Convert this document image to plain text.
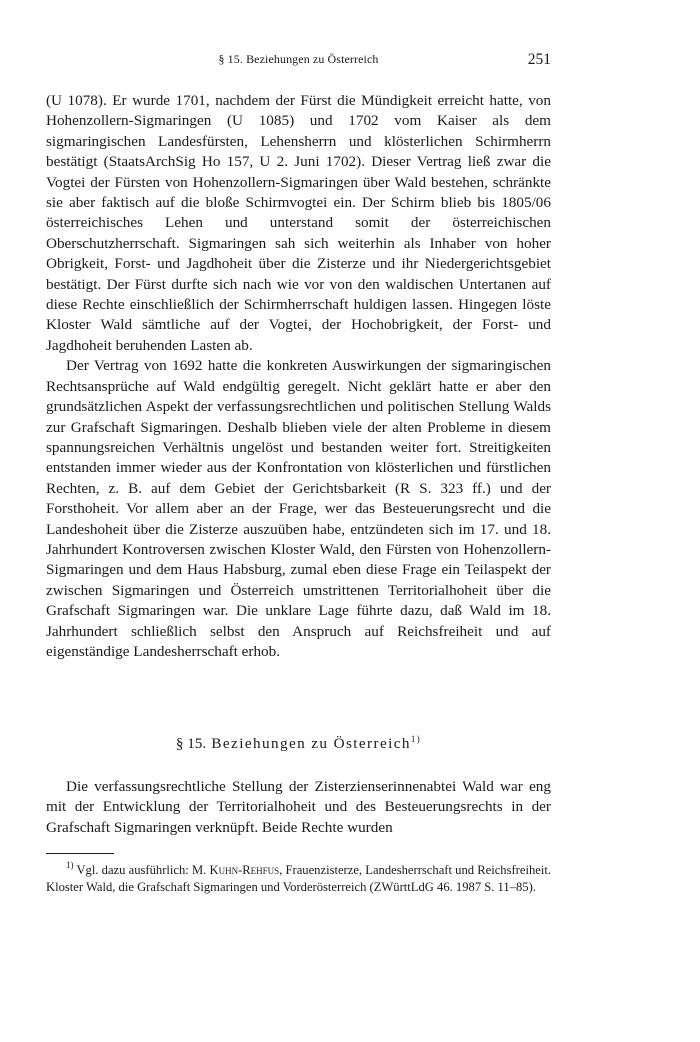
§ 15. Beziehungen zu Österreich	251

(U 1078). Er wurde 1701, nachdem der Fürst die Mündigkeit erreicht hatte, von Hohenzollern-Sigmaringen (U 1085) und 1702 vom Kaiser als dem sigmaringischen Landesfürsten, Lehensherrn und klösterlichen Schirmherrn bestätigt (StaatsArchSig Ho 157, U 2. Juni 1702). Dieser Vertrag ließ zwar die Vogtei der Fürsten von Hohenzollern-Sigmaringen über Wald bestehen, schränkte sie aber faktisch auf die bloße Schirmvogtei ein. Der Schirm blieb bis 1805/06 österreichisches Lehen und unterstand somit der österreichischen Oberschutzherrschaft. Sigmaringen sah sich weiterhin als Inhaber von hoher Obrigkeit, Forst- und Jagdhoheit über die Zisterze und ihr Niedergerichtsgebiet bestätigt. Der Fürst durfte sich nach wie vor von den waldischen Untertanen auf diese Rechte einschließlich der Schirmherrschaft huldigen lassen. Hingegen löste Kloster Wald sämtliche auf der Vogtei, der Hochobrigkeit, der Forst- und Jagdhoheit beruhenden Lasten ab.

Der Vertrag von 1692 hatte die konkreten Auswirkungen der sigmaringischen Rechtsansprüche auf Wald endgültig geregelt. Nicht geklärt hatte er aber den grundsätzlichen Aspekt der verfassungsrechtlichen und politischen Stellung Walds zur Grafschaft Sigmaringen. Deshalb blieben viele der alten Probleme in diesem spannungsreichen Verhältnis ungelöst und bestanden weiter fort. Streitigkeiten entstanden immer wieder aus der Konfrontation von klösterlichen und fürstlichen Rechten, z. B. auf dem Gebiet der Gerichtsbarkeit (R S. 323 ff.) und der Forsthoheit. Vor allem aber an der Frage, wer das Besteuerungsrecht und die Landeshoheit über die Zisterze auszuüben habe, entzündeten sich im 17. und 18. Jahrhundert Kontroversen zwischen Kloster Wald, den Fürsten von Hohenzollern-Sigmaringen und dem Haus Habsburg, zumal eben diese Frage ein Teilaspekt der zwischen Sigmaringen und Österreich umstrittenen Territorialhoheit über die Grafschaft Sigmaringen war. Die unklare Lage führte dazu, daß Wald im 18. Jahrhundert schließlich selbst den Anspruch auf Reichsfreiheit und auf eigenständige Landesherrschaft erhob.

§ 15. Beziehungen zu Österreich$^{1)}$

Die verfassungsrechtliche Stellung der Zisterzienserinnenabtei Wald war eng mit der Entwicklung der Territorialhoheit und des Besteuerungsrechts in der Grafschaft Sigmaringen verknüpft. Beide Rechte wurden

$^{1)}$ Vgl. dazu ausführlich: M. Kuhn-Rehfus, Frauenzisterze, Landesherrschaft und Reichsfreiheit. Kloster Wald, die Grafschaft Sigmaringen und Vorderösterreich (ZWürttLdG 46. 1987 S. 11–85).
